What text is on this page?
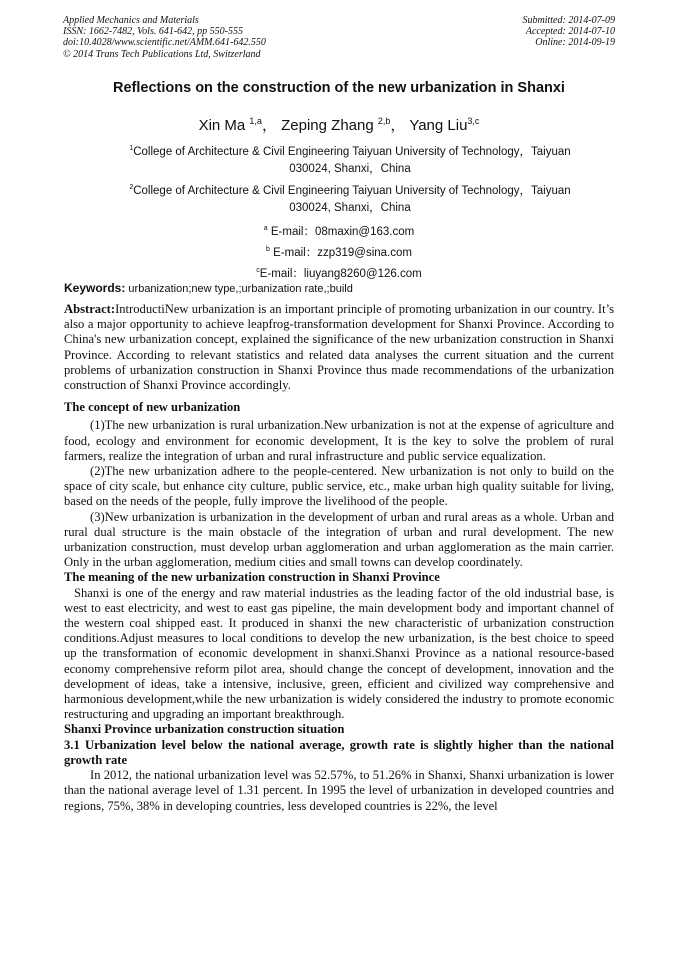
Applied Mechanics and Materials
ISSN: 1662-7482, Vols. 641-642, pp 550-555
doi:10.4028/www.scientific.net/AMM.641-642.550
© 2014 Trans Tech Publications Ltd, Switzerland
Submitted: 2014-07-09
Accepted: 2014-07-10
Online: 2014-09-19
Reflections on the construction of the new urbanization in Shanxi
Xin Ma $^{1,a}$， Zeping Zhang $^{2,b}$， Yang Liu$^{3,c}$
$^1$College of Architecture & Civil Engineering Taiyuan University of Technology，Taiyuan
030024, Shanxi，China
$^2$College of Architecture & Civil Engineering Taiyuan University of Technology，Taiyuan
030024, Shanxi，China
$^a$ E-mail：08maxin@163.com
$^b$ E-mail：zzp319@sina.com
$^c$E-mail：liuyang8260@126.com
Keywords: urbanization;new type,;urbanization rate,;build

Abstract:IntroductiNew urbanization is an important principle of promoting urbanization in our country. It’s also a major opportunity to achieve leapfrog-transformation development for Shanxi Province. According to China's new urbanization concept, explained the significance of the new urbanization construction in Shanxi Province. According to relevant statistics and related data analyses the current situation and the current problems of urbanization construction in Shanxi Province thus made recommendations of the urbanization construction of Shanxi Province accordingly.

The concept of new urbanization

(1)The new urbanization is rural urbanization.New urbanization is not at the expense of agriculture and food, ecology and environment for economic development, It is the key to solve the problem of rural farmers, realize the integration of urban and rural infrastructure and public service equalization.

(2)The new urbanization adhere to the people-centered. New urbanization is not only to build on the space of city scale, but enhance city culture, public service, etc., make urban high quality suitable for living, based on the needs of the people, fully improve the livelihood of the people.

(3)New urbanization is urbanization in the development of urban and rural areas as a whole. Urban and rural dual structure is the main obstacle of the integration of urban and rural development. The new urbanization construction, must develop urban agglomeration and urban agglomeration as the main carrier. Only in the urban agglomeration, medium cities and small towns can develop coordinately.

The meaning of the new urbanization construction in Shanxi Province

Shanxi is one of the energy and raw material industries as the leading factor of the old industrial base, is west to east electricity, and west to east gas pipeline, the main development body and important channel of the western coal shipped east. It produced in shanxi the new characteristic of urbanization construction conditions.Adjust measures to local conditions to develop the new urbanization, is the best choice to speed up the transformation of economic development in shanxi.Shanxi Province as a national resource-based economy comprehensive reform pilot area, should change the concept of development, innovation and the development of ideas, take a intensive, inclusive, green, efficient and civilized way comprehensive and harmonious development,while the new urbanization is widely considered the industry to promote economic restructuring and upgrading an important breakthrough.

Shanxi Province urbanization construction situation
3.1 Urbanization level below the national average, growth rate is slightly higher than the national growth rate

In 2012, the national urbanization level was 52.57%, to 51.26% in Shanxi, Shanxi urbanization is lower than the national average level of 1.31 percent. In 1995 the level of urbanization in developed countries and regions, 75%, 38% in developing countries, less developed countries is 22%, the level
